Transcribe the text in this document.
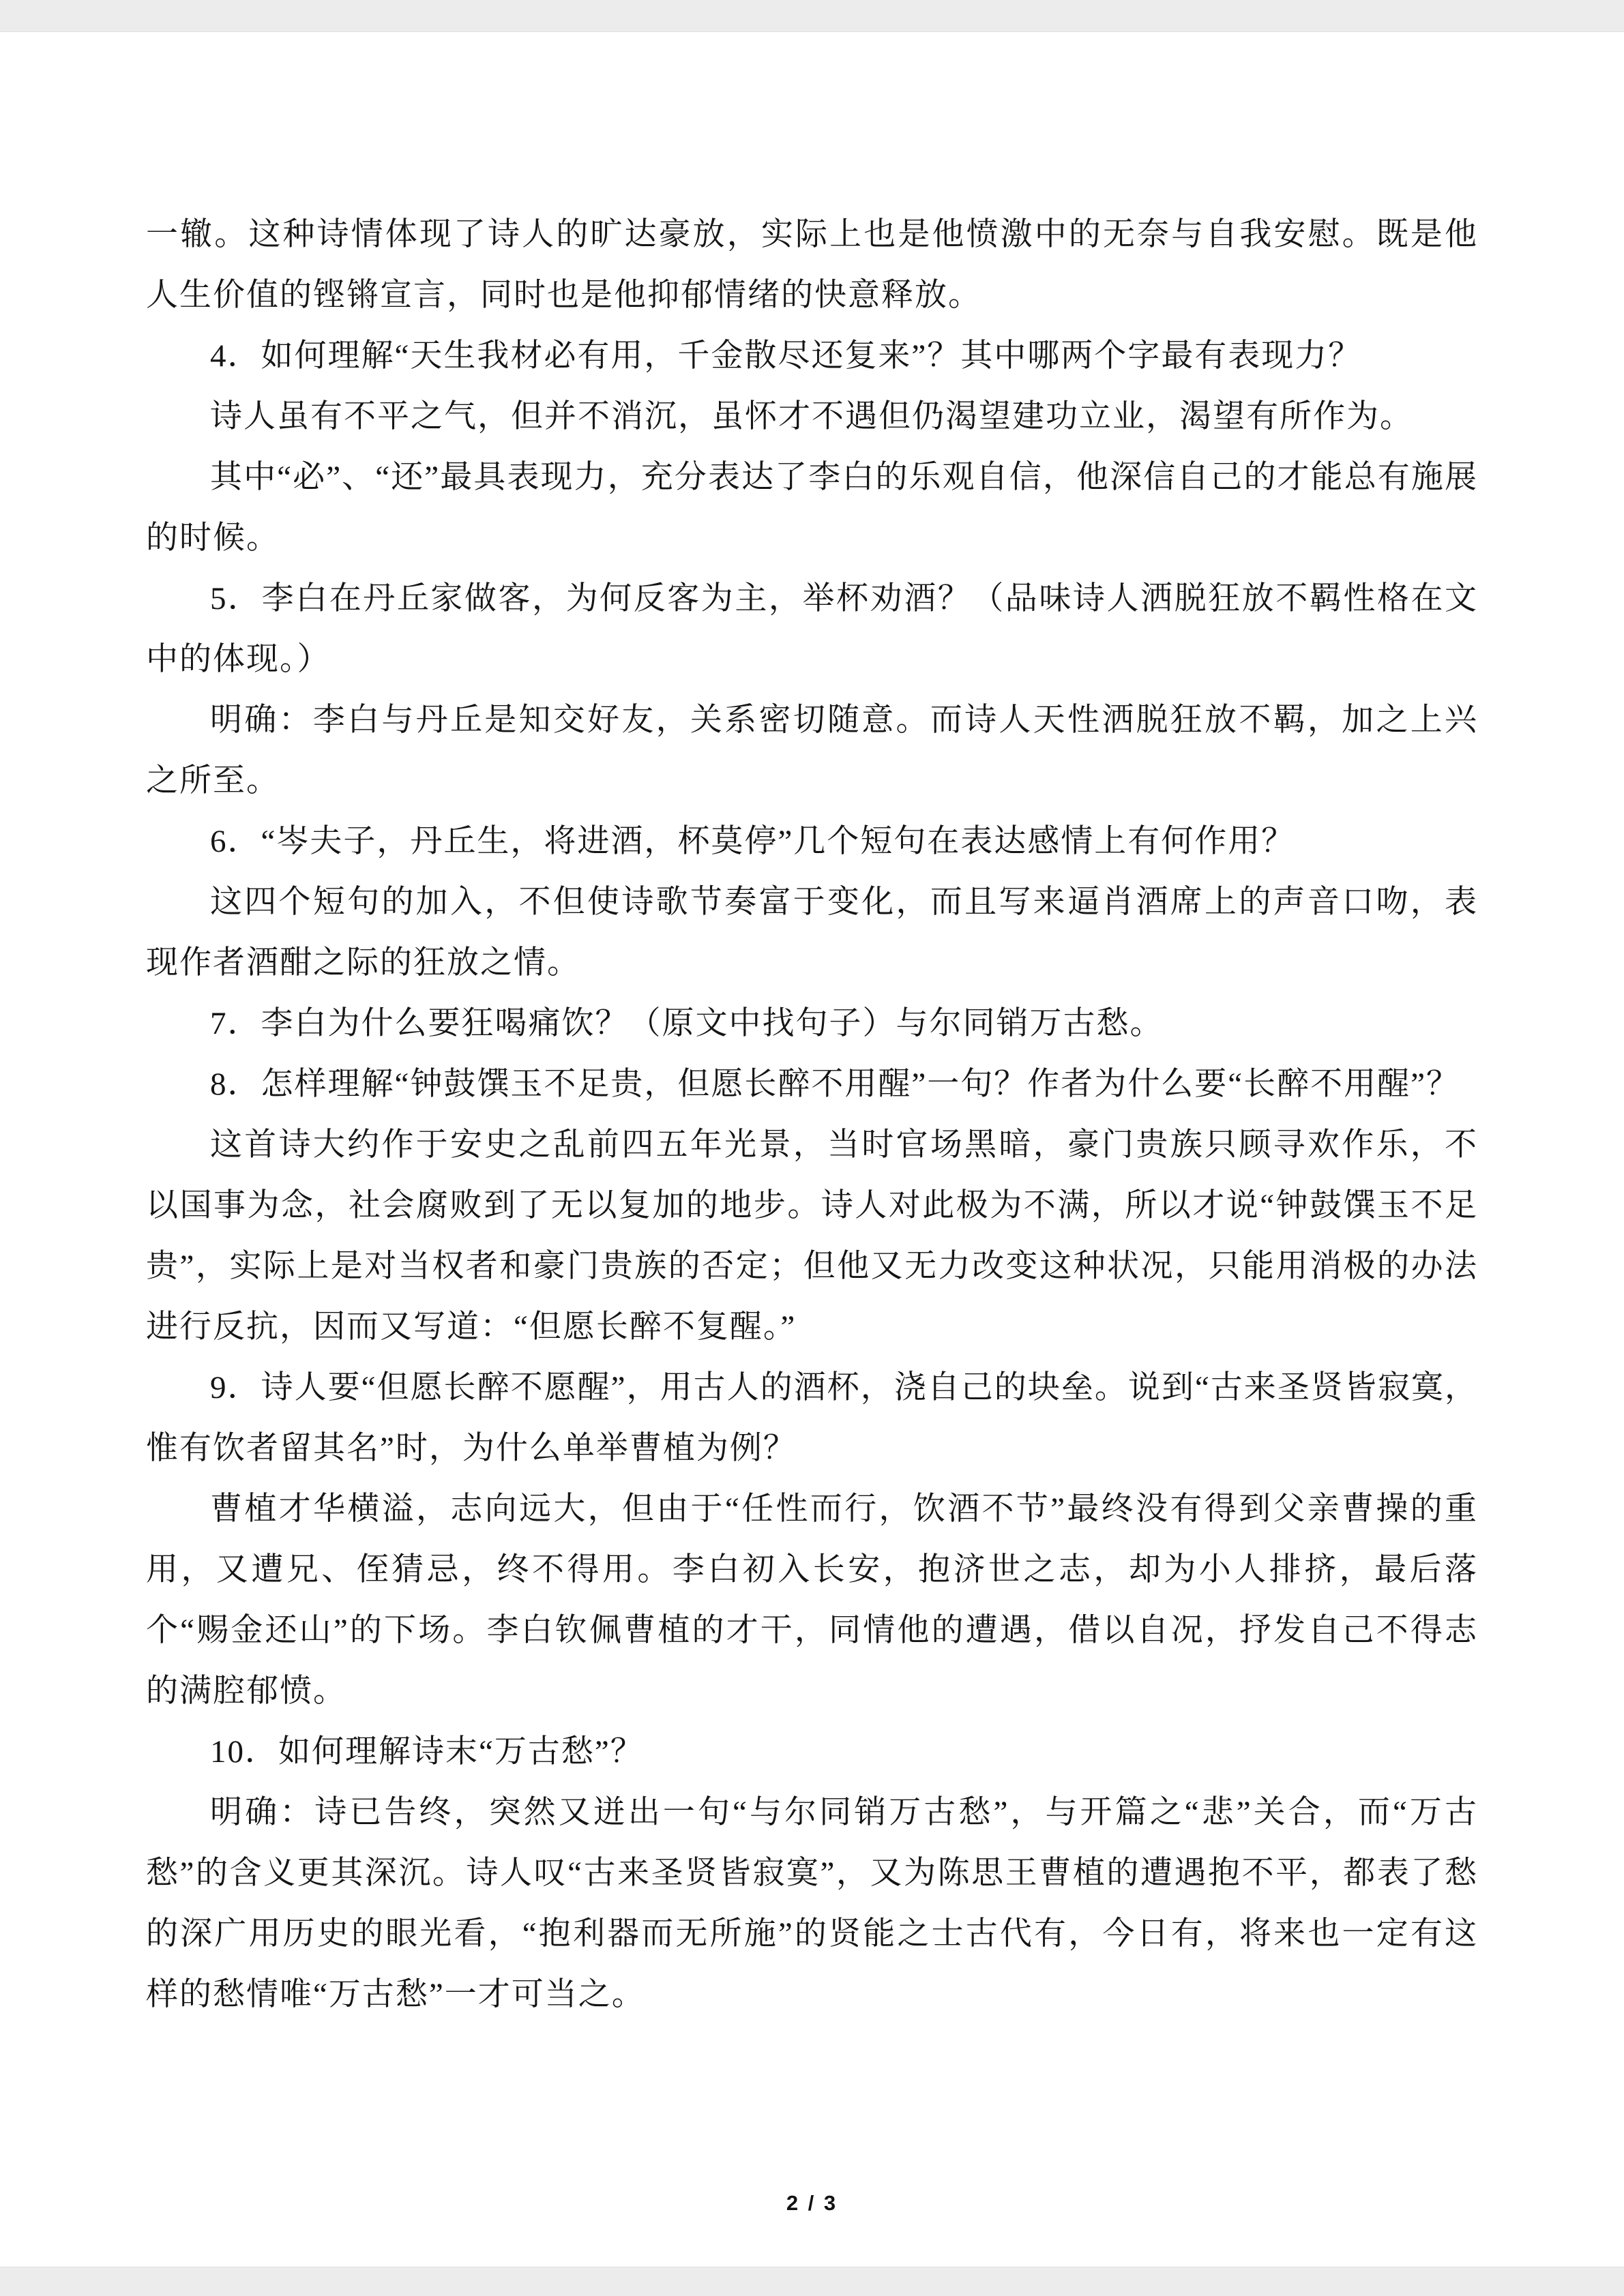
一辙。这种诗情体现了诗人的旷达豪放，实际上也是他愤激中的无奈与自我安慰。既是他人生价值的铿锵宣言，同时也是他抑郁情绪的快意释放。

4．如何理解“天生我材必有用，千金散尽还复来”？其中哪两个字最有表现力？

诗人虽有不平之气，但并不消沉，虽怀才不遇但仍渴望建功立业，渴望有所作为。

其中“必”、“还”最具表现力，充分表达了李白的乐观自信，他深信自己的才能总有施展的时候。

5．李白在丹丘家做客，为何反客为主，举杯劝酒？（品味诗人洒脱狂放不羁性格在文中的体现。）

明确：李白与丹丘是知交好友，关系密切随意。而诗人天性洒脱狂放不羁，加之上兴之所至。

6．“岑夫子，丹丘生，将进酒，杯莫停”几个短句在表达感情上有何作用？

这四个短句的加入，不但使诗歌节奏富于变化，而且写来逼肖酒席上的声音口吻，表现作者酒酣之际的狂放之情。

7．李白为什么要狂喝痛饮？（原文中找句子）与尔同销万古愁。

8．怎样理解“钟鼓馔玉不足贵，但愿长醉不用醒”一句？作者为什么要“长醉不用醒”？

这首诗大约作于安史之乱前四五年光景，当时官场黑暗，豪门贵族只顾寻欢作乐，不以国事为念，社会腐败到了无以复加的地步。诗人对此极为不满，所以才说“钟鼓馔玉不足贵”，实际上是对当权者和豪门贵族的否定；但他又无力改变这种状况，只能用消极的办法进行反抗，因而又写道：“但愿长醉不复醒。”

9．诗人要“但愿长醉不愿醒”，用古人的酒杯，浇自己的块垒。说到“古来圣贤皆寂寞，惟有饮者留其名”时，为什么单举曹植为例？

曹植才华横溢，志向远大，但由于“任性而行，饮酒不节”最终没有得到父亲曹操的重用，又遭兄、侄猜忌，终不得用。李白初入长安，抱济世之志，却为小人排挤，最后落个“赐金还山”的下场。李白钦佩曹植的才干，同情他的遭遇，借以自况，抒发自己不得志的满腔郁愤。

10．如何理解诗末“万古愁”？

明确：诗已告终，突然又迸出一句“与尔同销万古愁”，与开篇之“悲”关合，而“万古愁”的含义更其深沉。诗人叹“古来圣贤皆寂寞”，又为陈思王曹植的遭遇抱不平，都表了愁的深广用历史的眼光看，“抱利器而无所施”的贤能之士古代有，今日有，将来也一定有这样的愁情唯“万古愁”一才可当之。

2 / 3
